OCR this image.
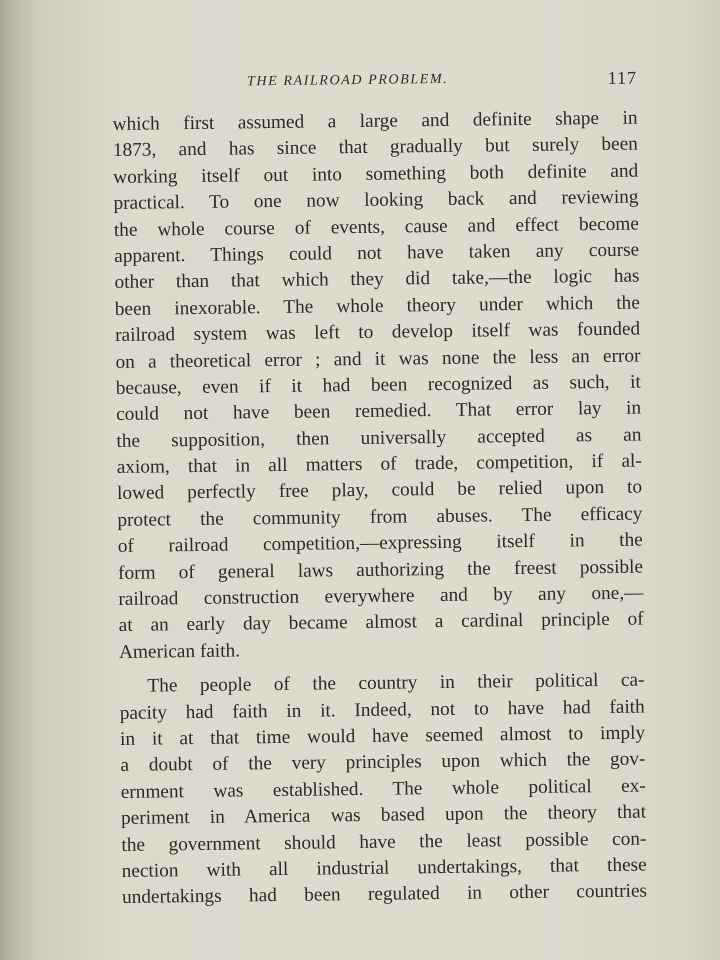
THE RAILROAD PROBLEM.	117
which first assumed a large and definite shape in
1873, and has since that gradually but surely been
working itself out into something both definite and
practical. To one now looking back and reviewing
the whole course of events, cause and effect become
apparent. Things could not have taken any course
other than that which they did take,—the logic has
been inexorable. The whole theory under which the
railroad system was left to develop itself was founded
on a theoretical error ; and it was none the less an error
because, even if it had been recognized as such, it
could not have been remedied. That error lay in
the supposition, then universally accepted as an
axiom, that in all matters of trade, competition, if al-
lowed perfectly free play, could be relied upon to
protect the community from abuses. The efficacy
of railroad competition,—expressing itself in the
form of general laws authorizing the freest possible
railroad construction everywhere and by any one,—
at an early day became almost a cardinal principle of
American faith.
The people of the country in their political ca-
pacity had faith in it. Indeed, not to have had faith
in it at that time would have seemed almost to imply
a doubt of the very principles upon which the gov-
ernment was established. The whole political ex-
periment in America was based upon the theory that
the government should have the least possible con-
nection with all industrial undertakings, that these
undertakings had been regulated in other countries
